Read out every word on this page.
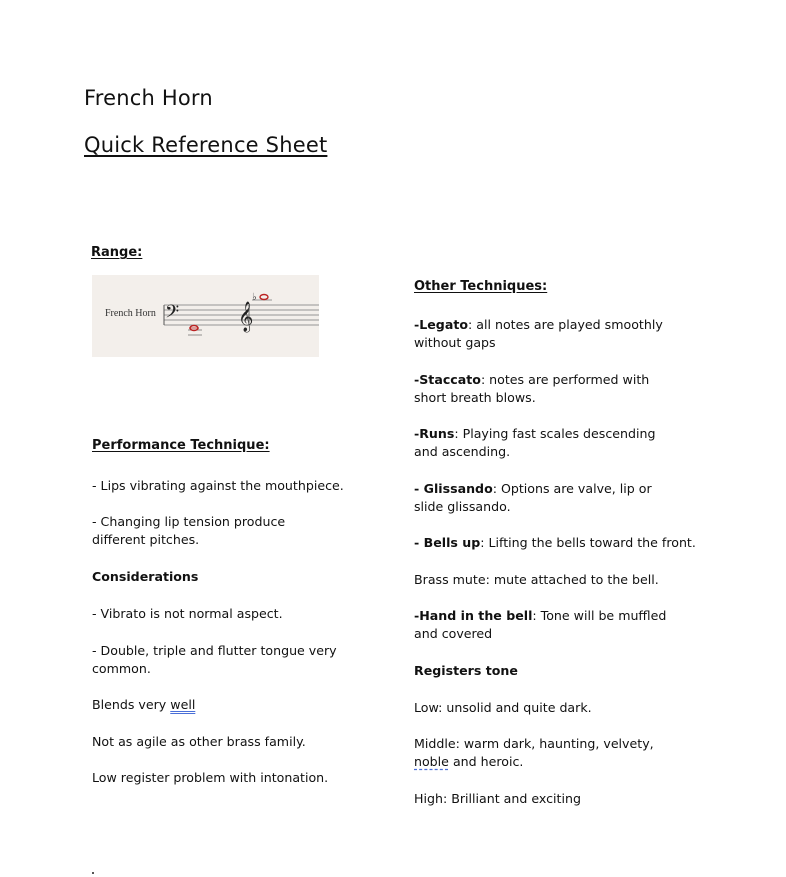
French Horn
Quick Reference Sheet
Range:
French Horn 𝄢 𝄞
♭
Performance Technique:
- Lips vibrating against the mouthpiece.
- Changing lip tension produce different pitches.
Considerations
- Vibrato is not normal aspect.
- Double, triple and flutter tongue very common.
Blends very well
Not as agile as other brass family.
Low register problem with intonation.
Other Techniques:
-Legato: all notes are played smoothly without gaps
-Staccato: notes are performed with short breath blows.
-Runs: Playing fast scales descending and ascending.
- Glissando: Options are valve, lip or slide glissando.
- Bells up: Lifting the bells toward the front.
Brass mute: mute attached to the bell.
-Hand in the bell: Tone will be muffled and covered
Registers tone
Low: unsolid and quite dark.
Middle: warm dark, haunting, velvety, noble and heroic.
High: Brilliant and exciting
